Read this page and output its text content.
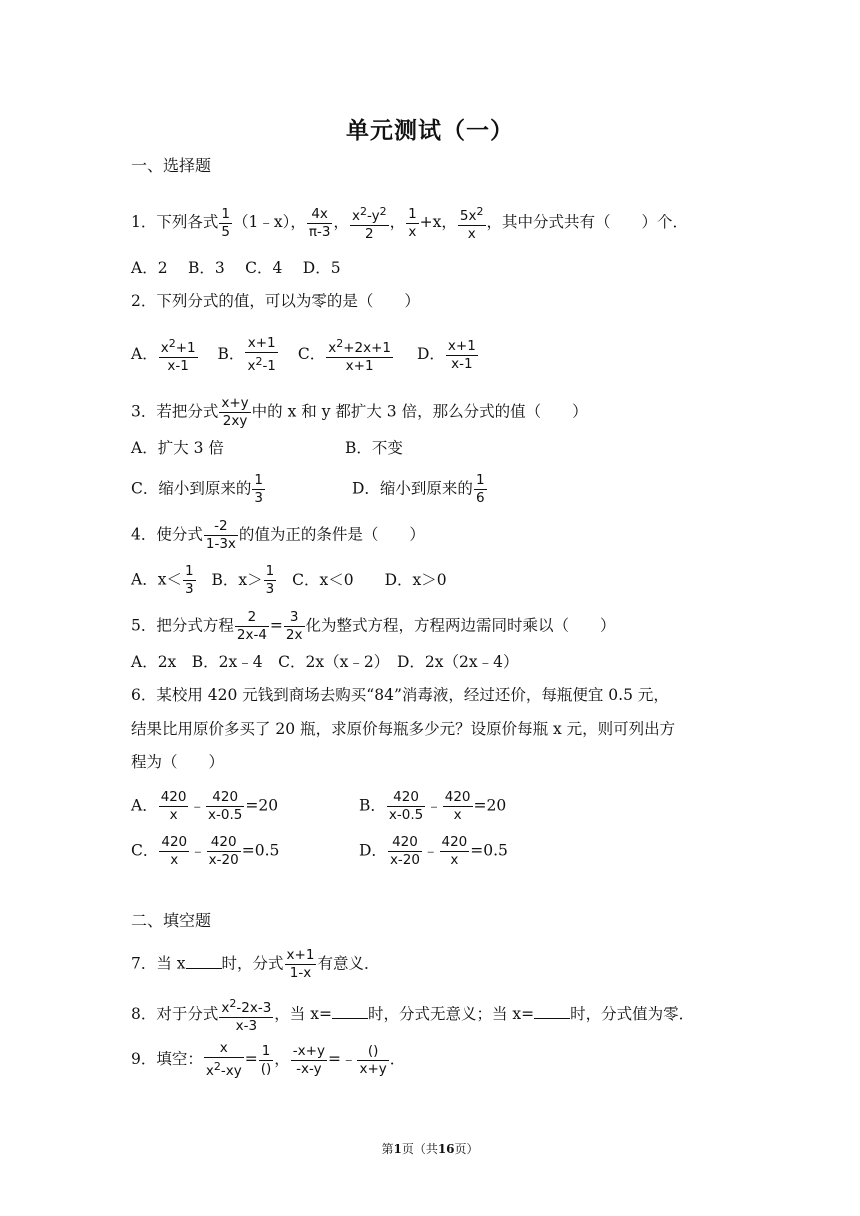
单元测试（一）
一、选择题
1．下列各式 $\frac{1}{5}$ （1﹣x）， $\frac{4x}{\pi-3}$ ， $\frac{x^2-y^2}{2}$ ， $\frac{1}{x} +x$， $\frac{5x^2}{x}$ ，其中分式共有（　　）个．
A．2　 B．3　 C．4　 D．5
2．下列分式的值，可以为零的是（　　）
A． $\frac{x^2+1}{x-1}$ B． $\frac{x+1}{x^2-1}$ C． $\frac{x^2+2x+1}{x+1}$ D． $\frac{x+1}{x-1}$
3．若把分式 $\frac{x+y}{2xy}$ 中的 x 和 y 都扩大 3 倍，那么分式的值（　　）
A．扩大 3 倍	B．不变
C．缩小到原来的 $\frac{1}{3}$	D．缩小到原来的 $\frac{1}{6}$
4．使分式 $\frac{-2}{1-3x}$ 的值为正的条件是（　　）
A．$x< \frac{1}{3}$ B．$x> \frac{1}{3}$ C．x＜0　　D．x＞0
5．把分式方程 $\frac{2}{2x-4} = \frac{3}{2x}$ 化为整式方程，方程两边需同时乘以（　　）
A．2x　B．2x﹣4　C．2x（x﹣2）　D．2x（2x﹣4）
6．某校用 420 元钱到商场去购买“84”消毒液，经过还价，每瓶便宜 0.5 元，
结果比用原价多买了 20 瓶，求原价每瓶多少元？设原价每瓶 x 元，则可列出方
程为（　　）
A． $\frac{420}{x}$ ﹣ $\frac{420}{x-0.5} =20$	B． $\frac{420}{x-0.5}$ ﹣ $\frac{420}{x} =20$
C． $\frac{420}{x}$ ﹣ $\frac{420}{x-20} =0.5$	D． $\frac{420}{x-20}$ ﹣ $\frac{420}{x} =0.5$
二、填空题
7．当 x 时，分式 $\frac{x+1}{1-x}$ 有意义．
8．对于分式 $\frac{x^2-2x-3}{x-3}$ ，当 x= 时，分式无意义；当 x= 时，分式值为零．
9．填空： $\frac{x}{x^2-xy} = \frac{1}{()}$ ， $\frac{-x+y}{-x-y}$ =﹣ $\frac{()}{x+y}$ ．
第1页（共16页）
